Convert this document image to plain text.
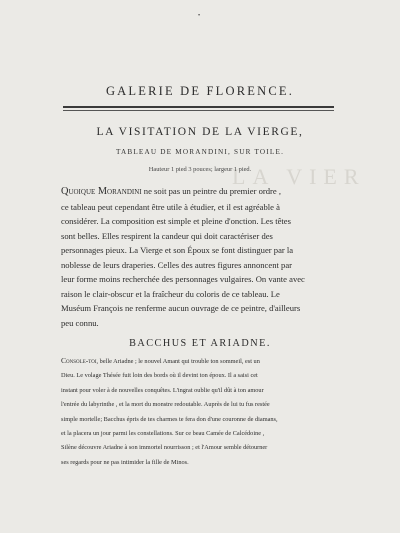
•
GALERIE DE FLORENCE.
LA VISITATION DE LA VIERGE,
TABLEAU DE MORANDINI, SUR TOILE.
LA VIER
Hauteur 1 pied 3 pouces; largeur 1 pied.
Quoique Morandini ne soit pas un peintre du premier ordre ,
ce tableau peut cependant être utile à étudier, et il est agréable à
considérer. La composition est simple et pleine d'onction. Les têtes
sont belles. Elles respirent la candeur qui doit caractériser des
personnages pieux. La Vierge et son Époux se font distinguer par la
noblesse de leurs draperies. Celles des autres figures annoncent par
leur forme moins recherchée des personnages vulgaires. On vante avec
raison le clair-obscur et la fraîcheur du coloris de ce tableau. Le
Muséum François ne renferme aucun ouvrage de ce peintre, d'ailleurs
peu connu.
BACCHUS ET ARIADNE.
Console-toi, belle Ariadne ; le nouvel Amant qui trouble ton sommeil, est un
Dieu. Le volage Thésée fuit loin des bords où il devint ton époux. Il a saisi cet
instant pour voler à de nouvelles conquêtes. L'ingrat oublie qu'il dût à ton amour
l'entrée du labyrinthe , et la mort du monstre redoutable. Auprès de lui tu fus restée
simple mortelle; Bacchus épris de tes charmes te fera don d'une couronne de diamans,
et la placera un jour parmi les constellations. Sur ce beau Camée de Calcédoine ,
Silène découvre Ariadne à son immortel nourrisson ; et l'Amour semble détourner
ses regards pour ne pas intimider la fille de Minos.
